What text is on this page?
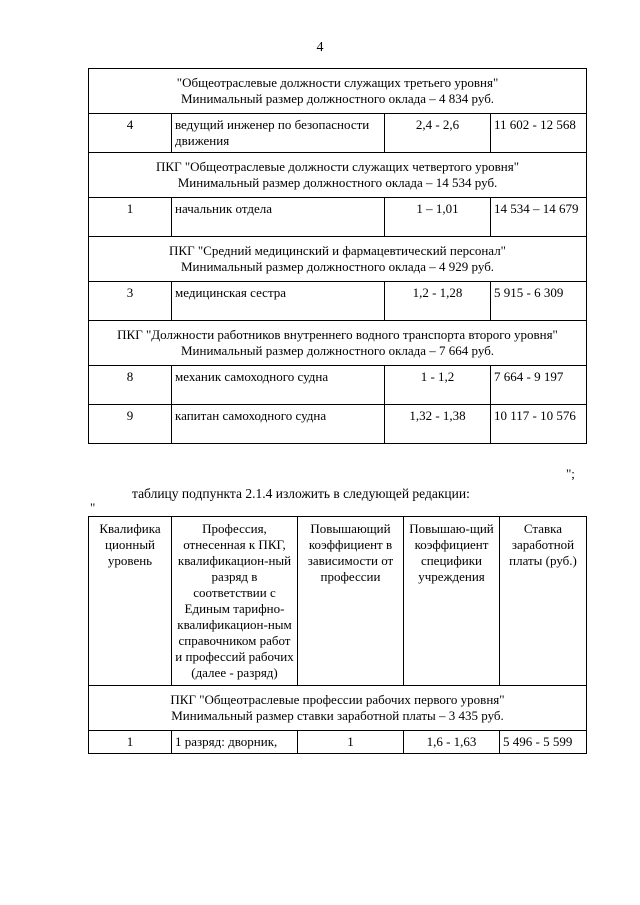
4
"Общеотраслевые должности служащих третьего уровня"
Минимальный размер должностного оклада – 4 834 руб.			

4	ведущий инженер по безопасности движения	2,4 - 2,6	11 602 - 12 568

ПКГ "Общеотраслевые должности служащих четвертого уровня"
Минимальный размер должностного оклада – 14 534 руб.			

1	начальник отдела	1 – 1,01	14 534 – 14 679

ПКГ "Средний медицинский и фармацевтический персонал"
Минимальный размер должностного оклада – 4 929 руб.			

3	медицинская сестра	1,2 - 1,28	5 915 - 6 309

ПКГ "Должности работников внутреннего водного транспорта второго уровня"
Минимальный размер должностного оклада – 7 664 руб.			

8	механик самоходного судна	1 - 1,2	7 664 - 9 197
9	капитан самоходного судна	1,32 - 1,38	10 117 - 10 576
";
таблицу подпункта 2.1.4 изложить в следующей редакции:
"
Квалифика ционный уровень	Профессия, отнесенная к ПКГ, квалификацион-ный разряд в соответствии с Единым тарифно-квалификацион-ным справочником работ и профессий рабочих (далее - разряд)	Повышающий коэффициент в зависимости от профессии	Повышаю-щий коэффициент специфики учреждения	Ставка заработной платы (руб.)

ПКГ "Общеотраслевые профессии рабочих первого уровня"
Минимальный размер ставки заработной платы – 3 435 руб.				

1	1 разряд: дворник,	1	1,6 - 1,63	5 496 - 5 599
